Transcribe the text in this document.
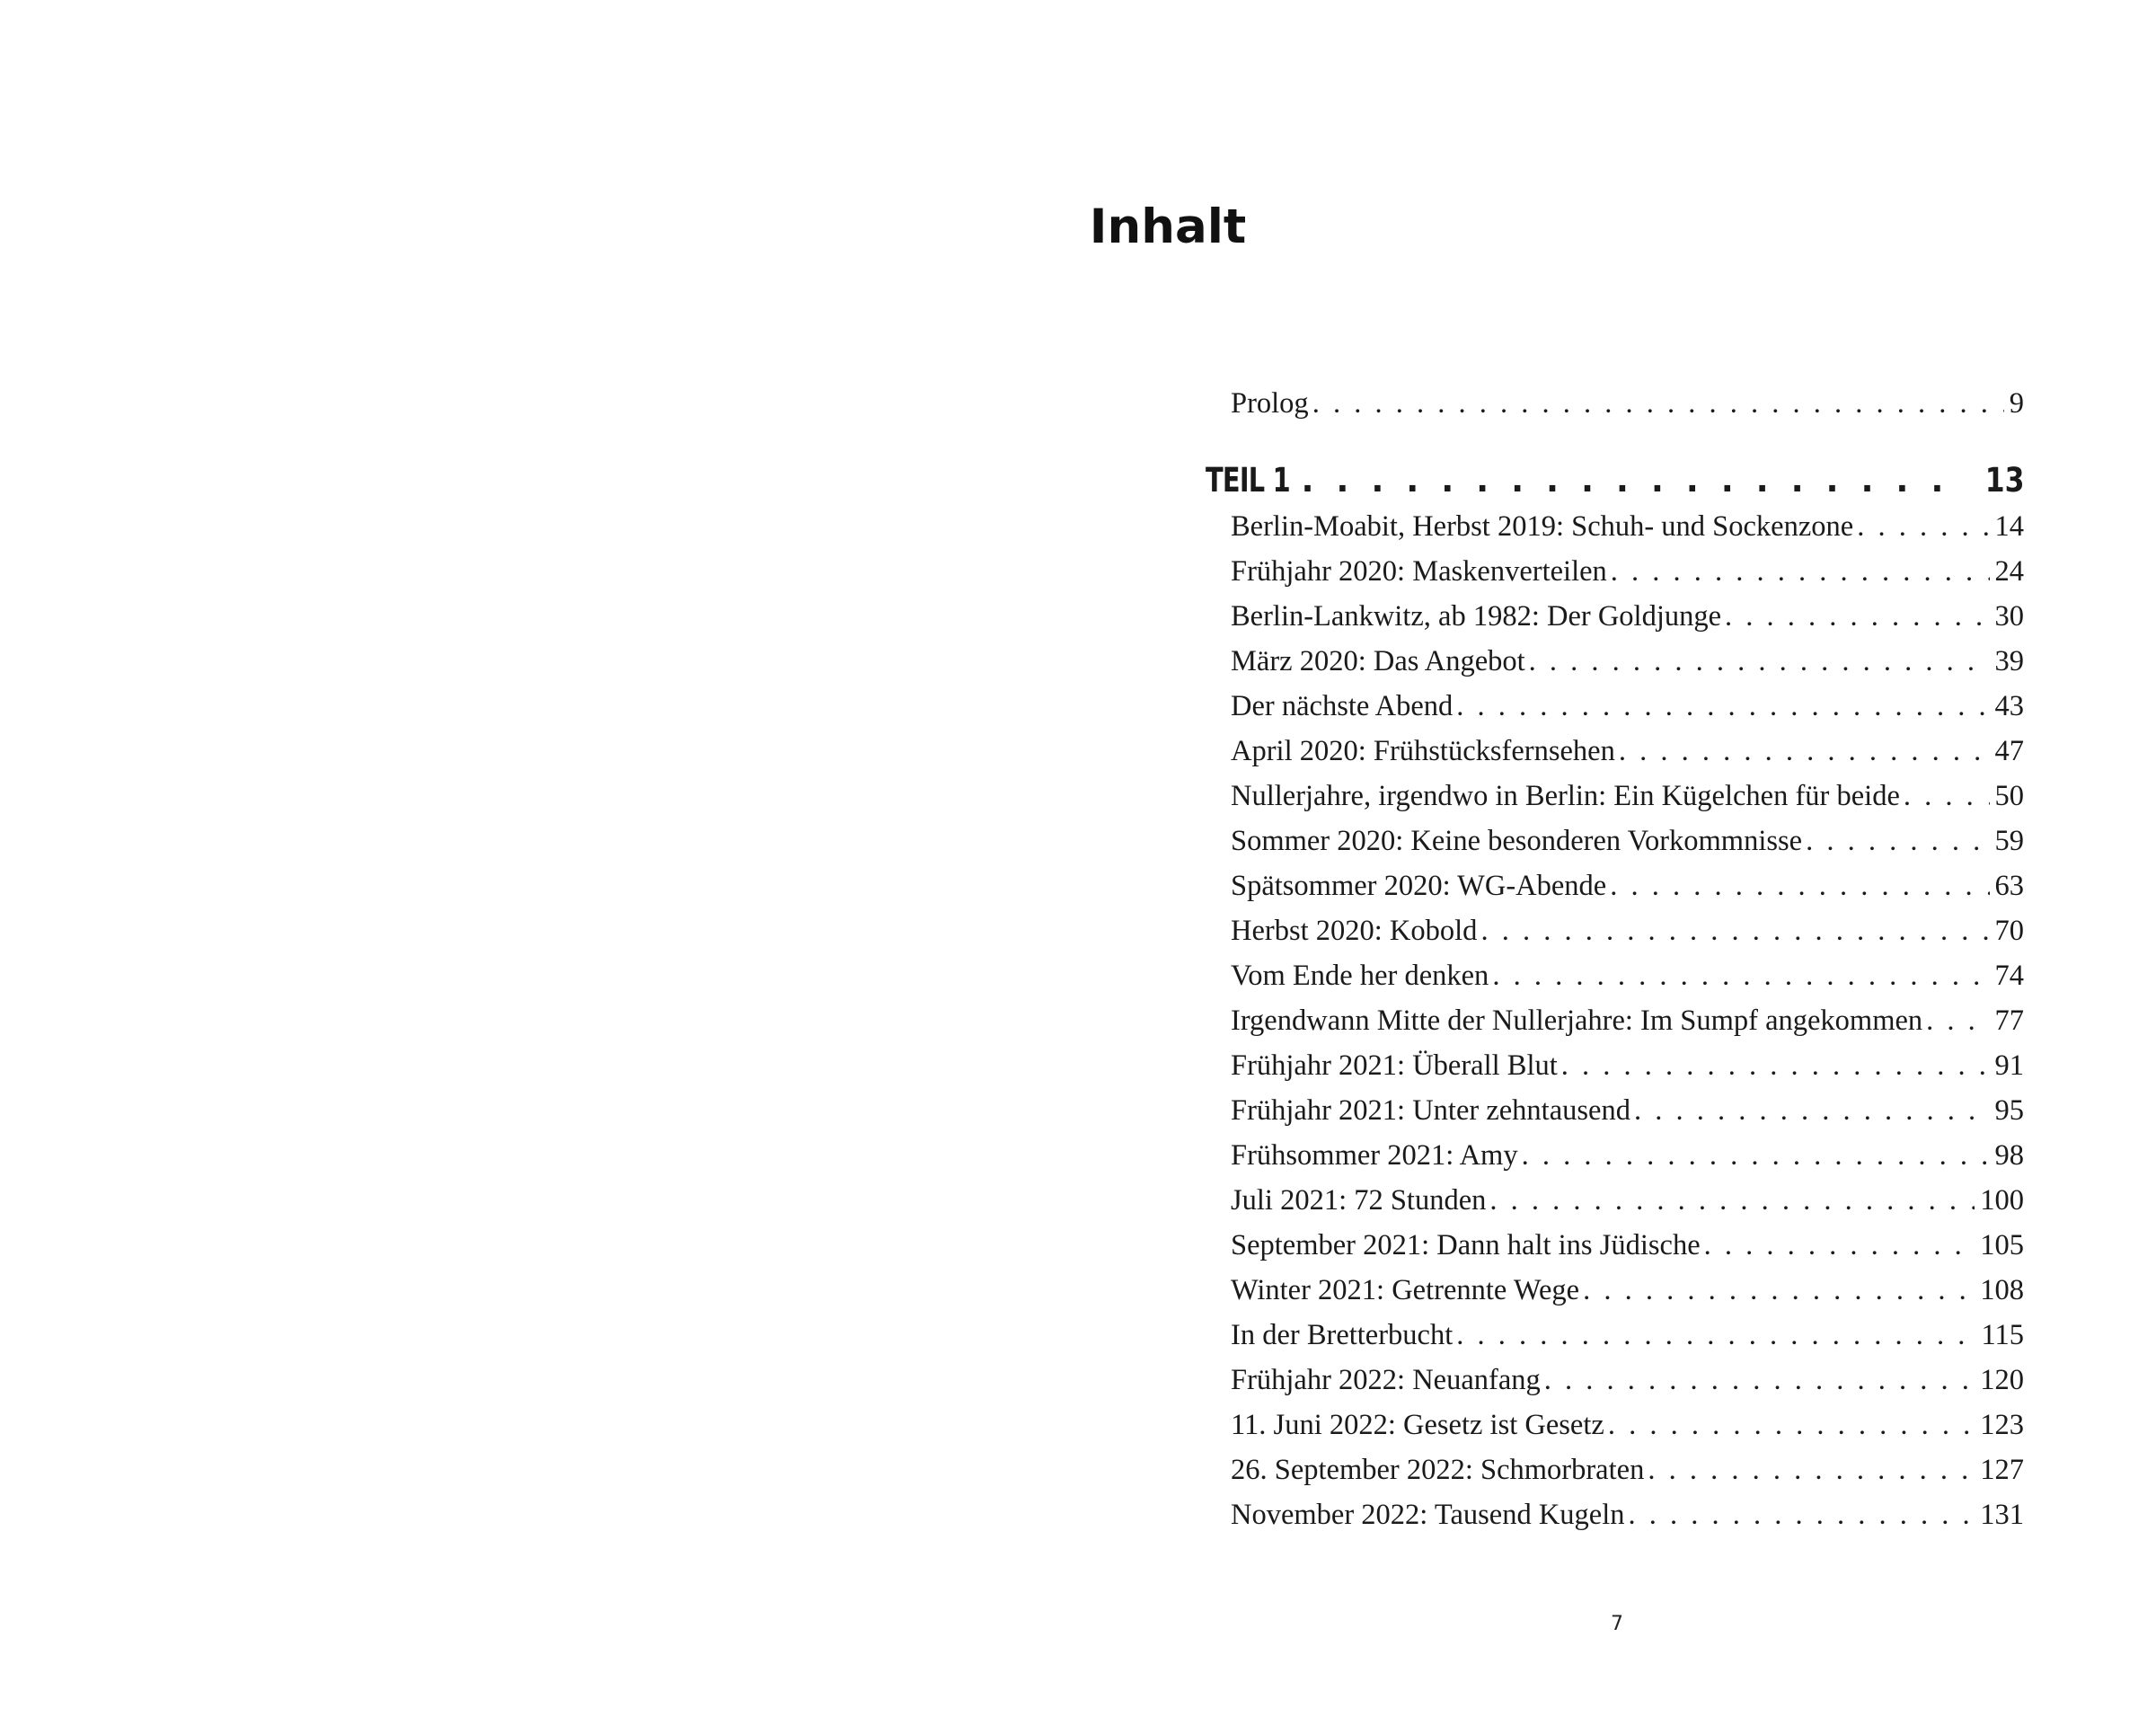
Inhalt
Prolog . . .	9
TEIL 1 . . .	13
Berlin-Moabit, Herbst 2019: Schuh- und Sockenzone . . .	14
Frühjahr 2020: Maskenverteilen . . .	24
Berlin-Lankwitz, ab 1982: Der Goldjunge . . .	30
März 2020: Das Angebot . . .	39
Der nächste Abend . . .	43
April 2020: Frühstücksfernsehen . . .	47
Nullerjahre, irgendwo in Berlin: Ein Kügelchen für beide . . .	50
Sommer 2020: Keine besonderen Vorkommnisse . . .	59
Spätsommer 2020: WG-Abende . . .	63
Herbst 2020: Kobold . . .	70
Vom Ende her denken . . .	74
Irgendwann Mitte der Nullerjahre: Im Sumpf angekommen . . . 77
Frühjahr 2021: Überall Blut . . .	91
Frühjahr 2021: Unter zehntausend . . .	95
Frühsommer 2021: Amy . . .	98
Juli 2021: 72 Stunden . . .	100
September 2021: Dann halt ins Jüdische . . .	105
Winter 2021: Getrennte Wege . . .	108
In der Bretterbucht . . .	115
Frühjahr 2022: Neuanfang . . .	120
11. Juni 2022: Gesetz ist Gesetz . . .	123
26. September 2022: Schmorbraten . . .	127
November 2022: Tausend Kugeln . . .	131
7
